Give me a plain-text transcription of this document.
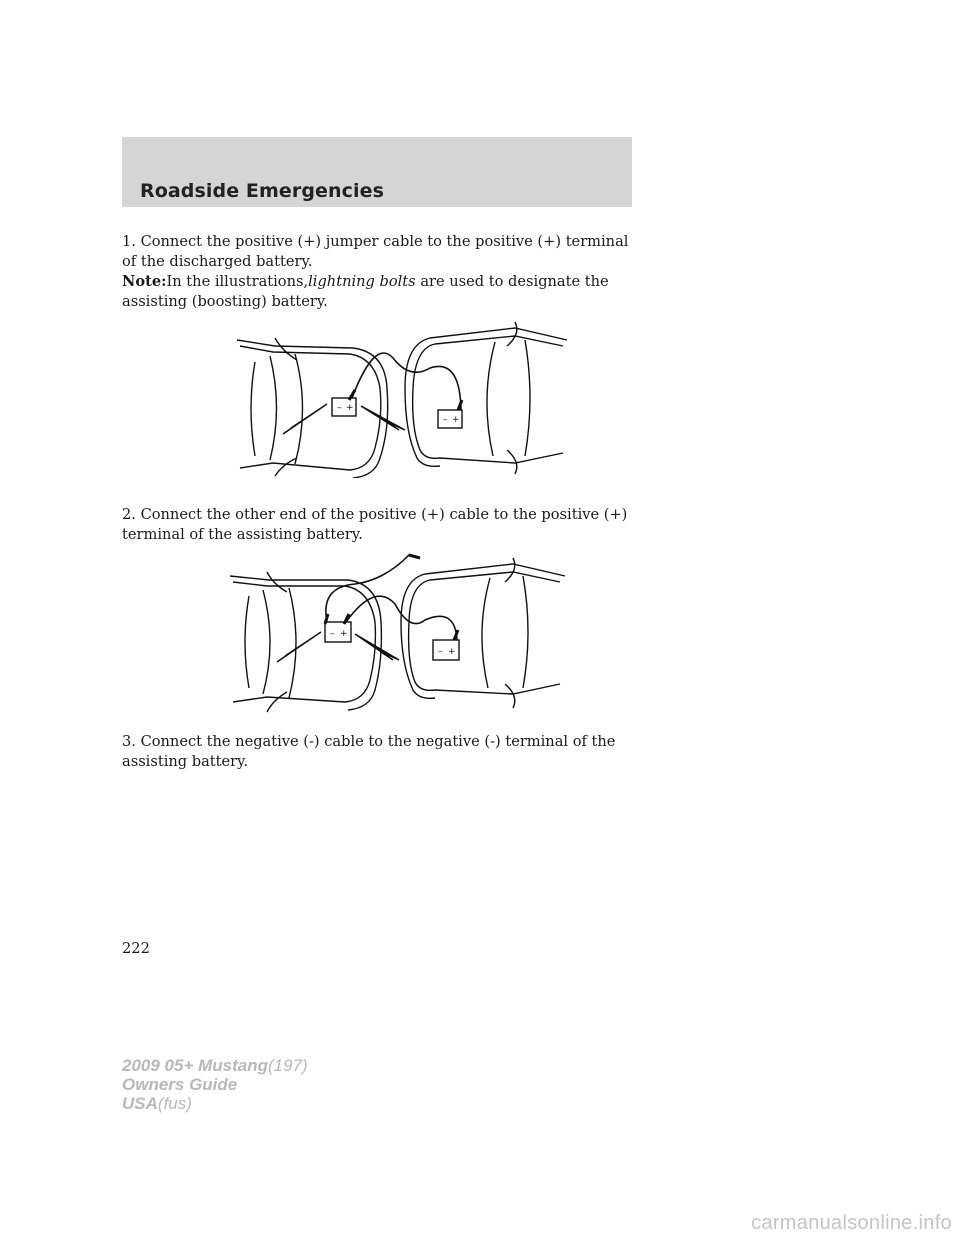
Roadside Emergencies

1. Connect the positive (+) jumper cable to the positive (+) terminal of the discharged battery.

Note:In the illustrations,lightning bolts are used to designate the assisting (boosting) battery.

– +
– +

2. Connect the other end of the positive (+) cable to the positive (+) terminal of the assisting battery.

– +
– +

3. Connect the negative (-) cable to the negative (-) terminal of the assisting battery.

222
2009 05+ Mustang(197)
Owners Guide
USA(fus)
carmanualsonline.info
